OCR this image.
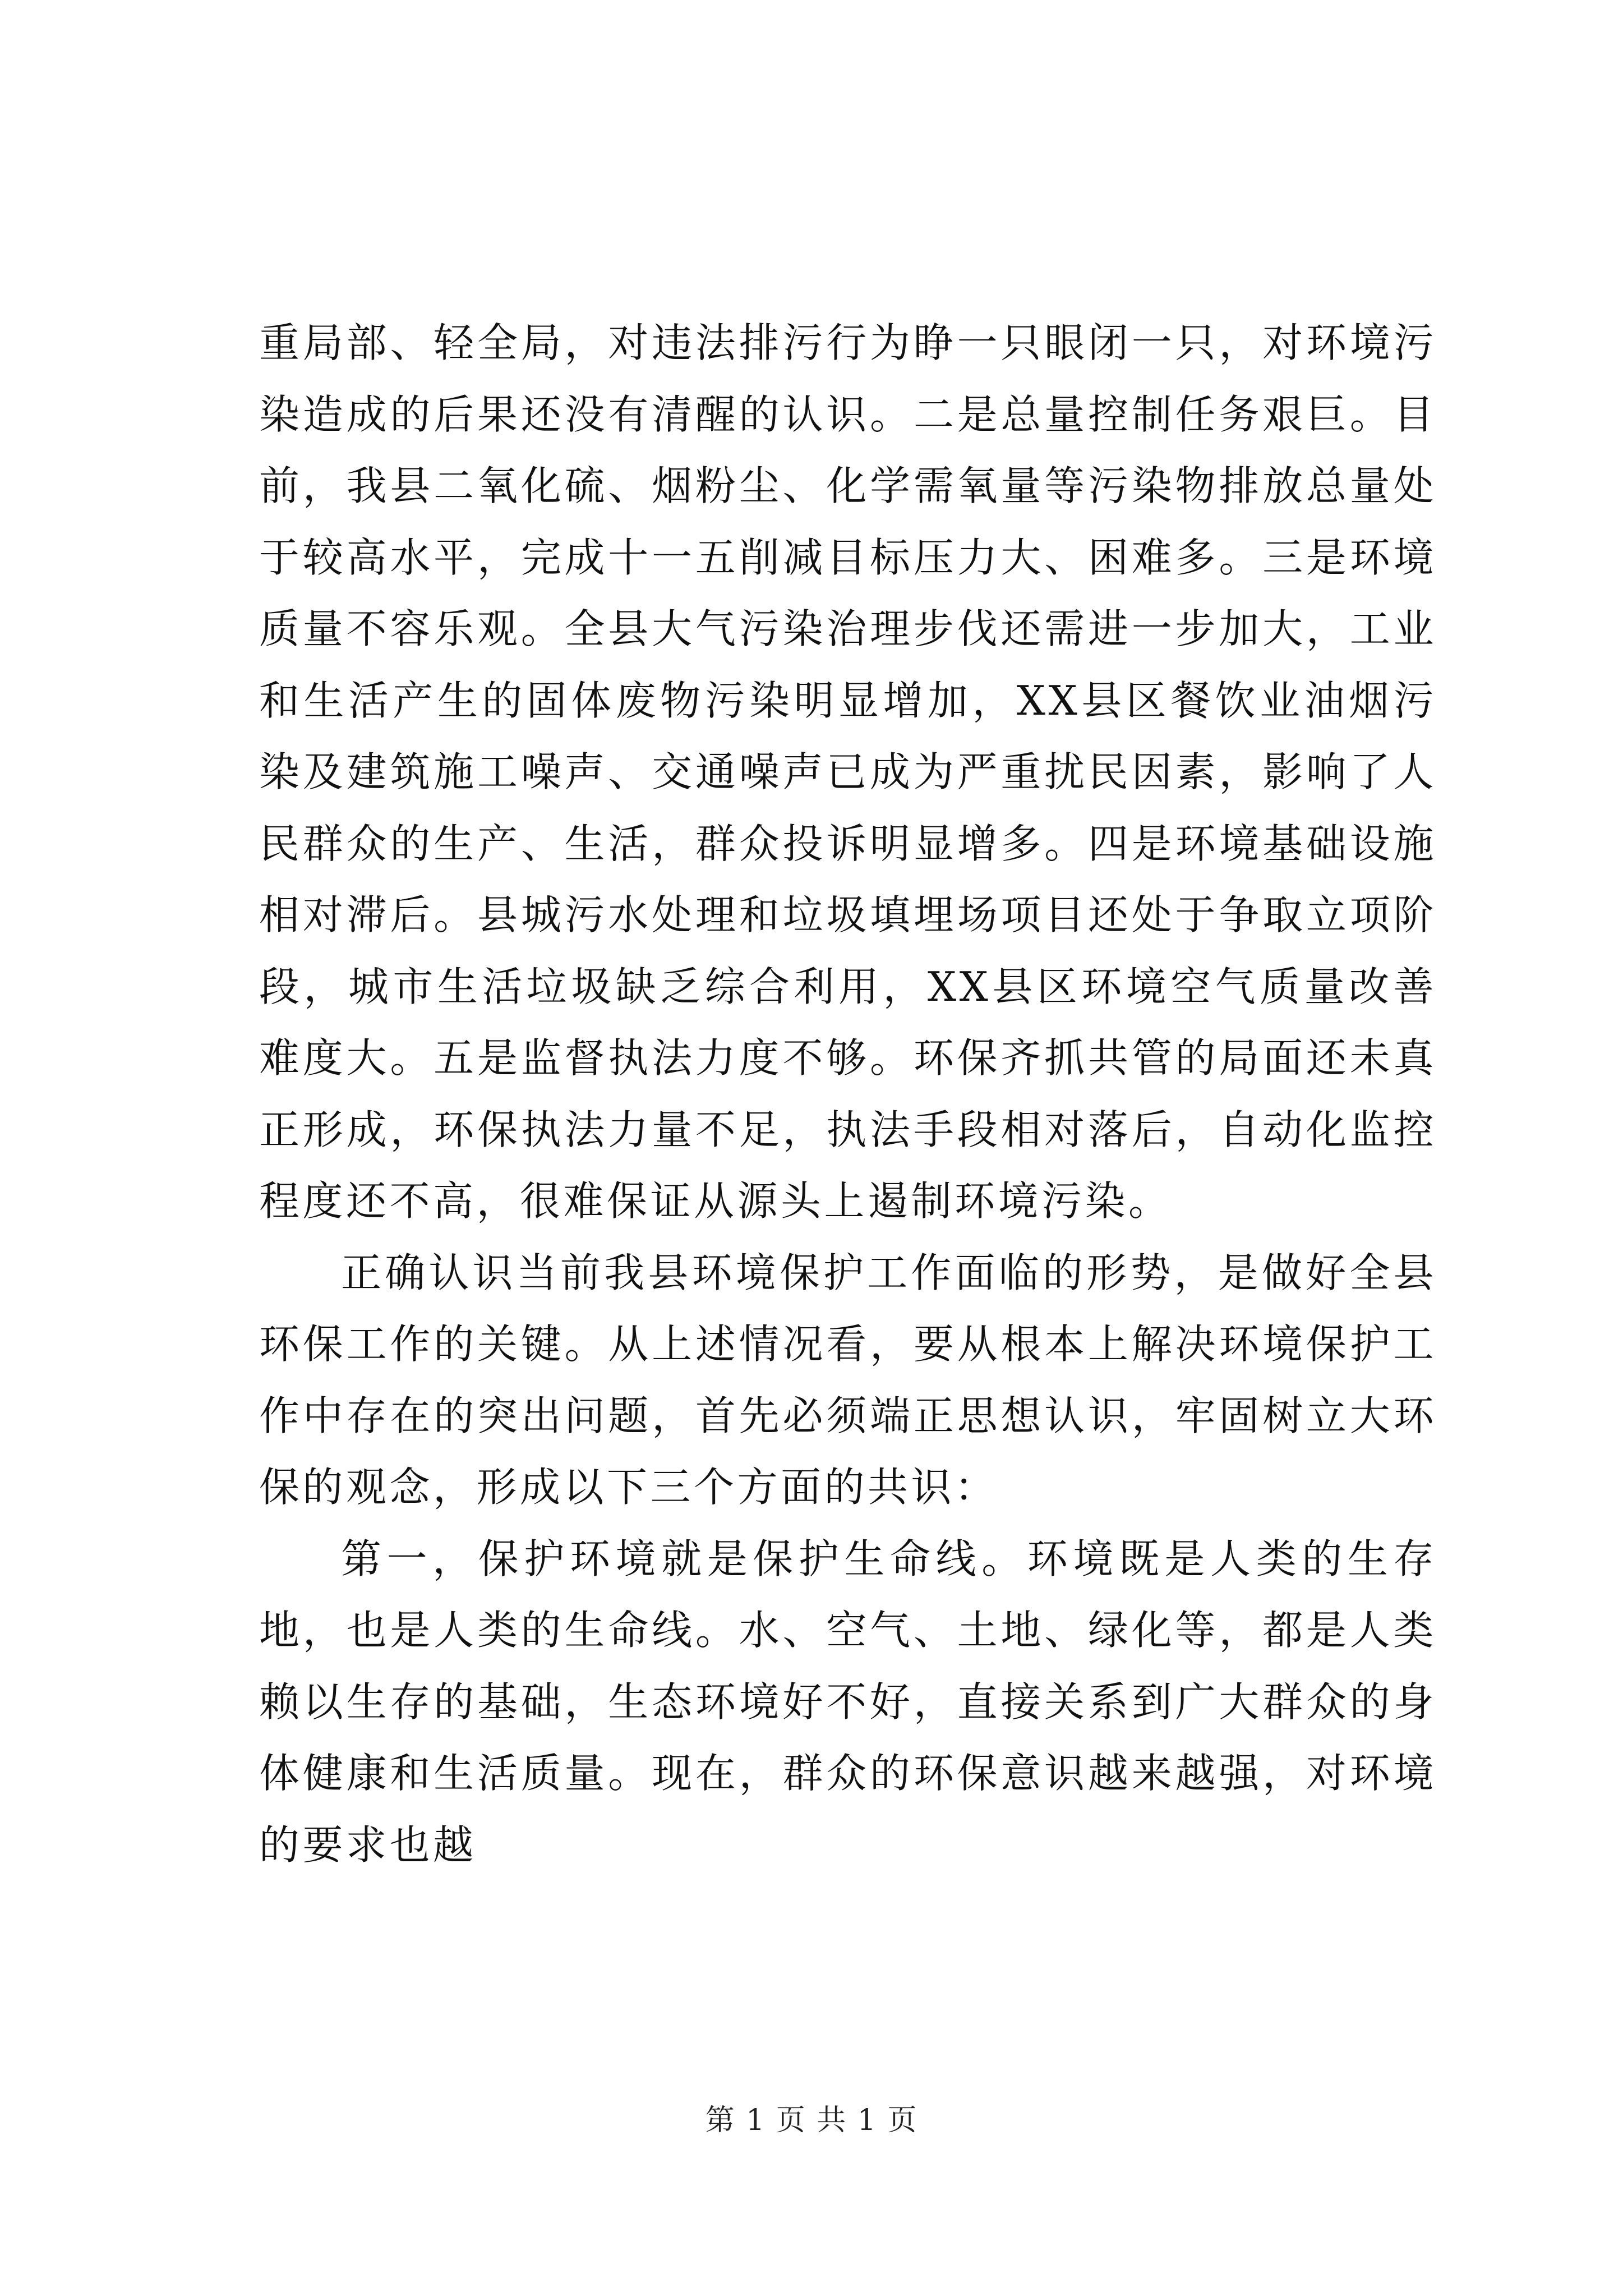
重局部、轻全局，对违法排污行为睁一只眼闭一只，对环境污染造成的后果还没有清醒的认识。二是总量控制任务艰巨。目前，我县二氧化硫、烟粉尘、化学需氧量等污染物排放总量处于较高水平，完成十一五削减目标压力大、困难多。三是环境质量不容乐观。全县大气污染治理步伐还需进一步加大，工业和生活产生的固体废物污染明显增加，XX县区餐饮业油烟污染及建筑施工噪声、交通噪声已成为严重扰民因素，影响了人民群众的生产、生活，群众投诉明显增多。四是环境基础设施相对滞后。县城污水处理和垃圾填埋场项目还处于争取立项阶段，城市生活垃圾缺乏综合利用，XX县区环境空气质量改善难度大。五是监督执法力度不够。环保齐抓共管的局面还未真正形成，环保执法力量不足，执法手段相对落后，自动化监控程度还不高，很难保证从源头上遏制环境污染。

正确认识当前我县环境保护工作面临的形势，是做好全县环保工作的关键。从上述情况看，要从根本上解决环境保护工作中存在的突出问题，首先必须端正思想认识，牢固树立大环保的观念，形成以下三个方面的共识：

第一，保护环境就是保护生命线。环境既是人类的生存地，也是人类的生命线。水、空气、土地、绿化等，都是人类赖以生存的基础，生态环境好不好，直接关系到广大群众的身体健康和生活质量。现在，群众的环保意识越来越强，对环境的要求也越

第 1 页 共 1 页
